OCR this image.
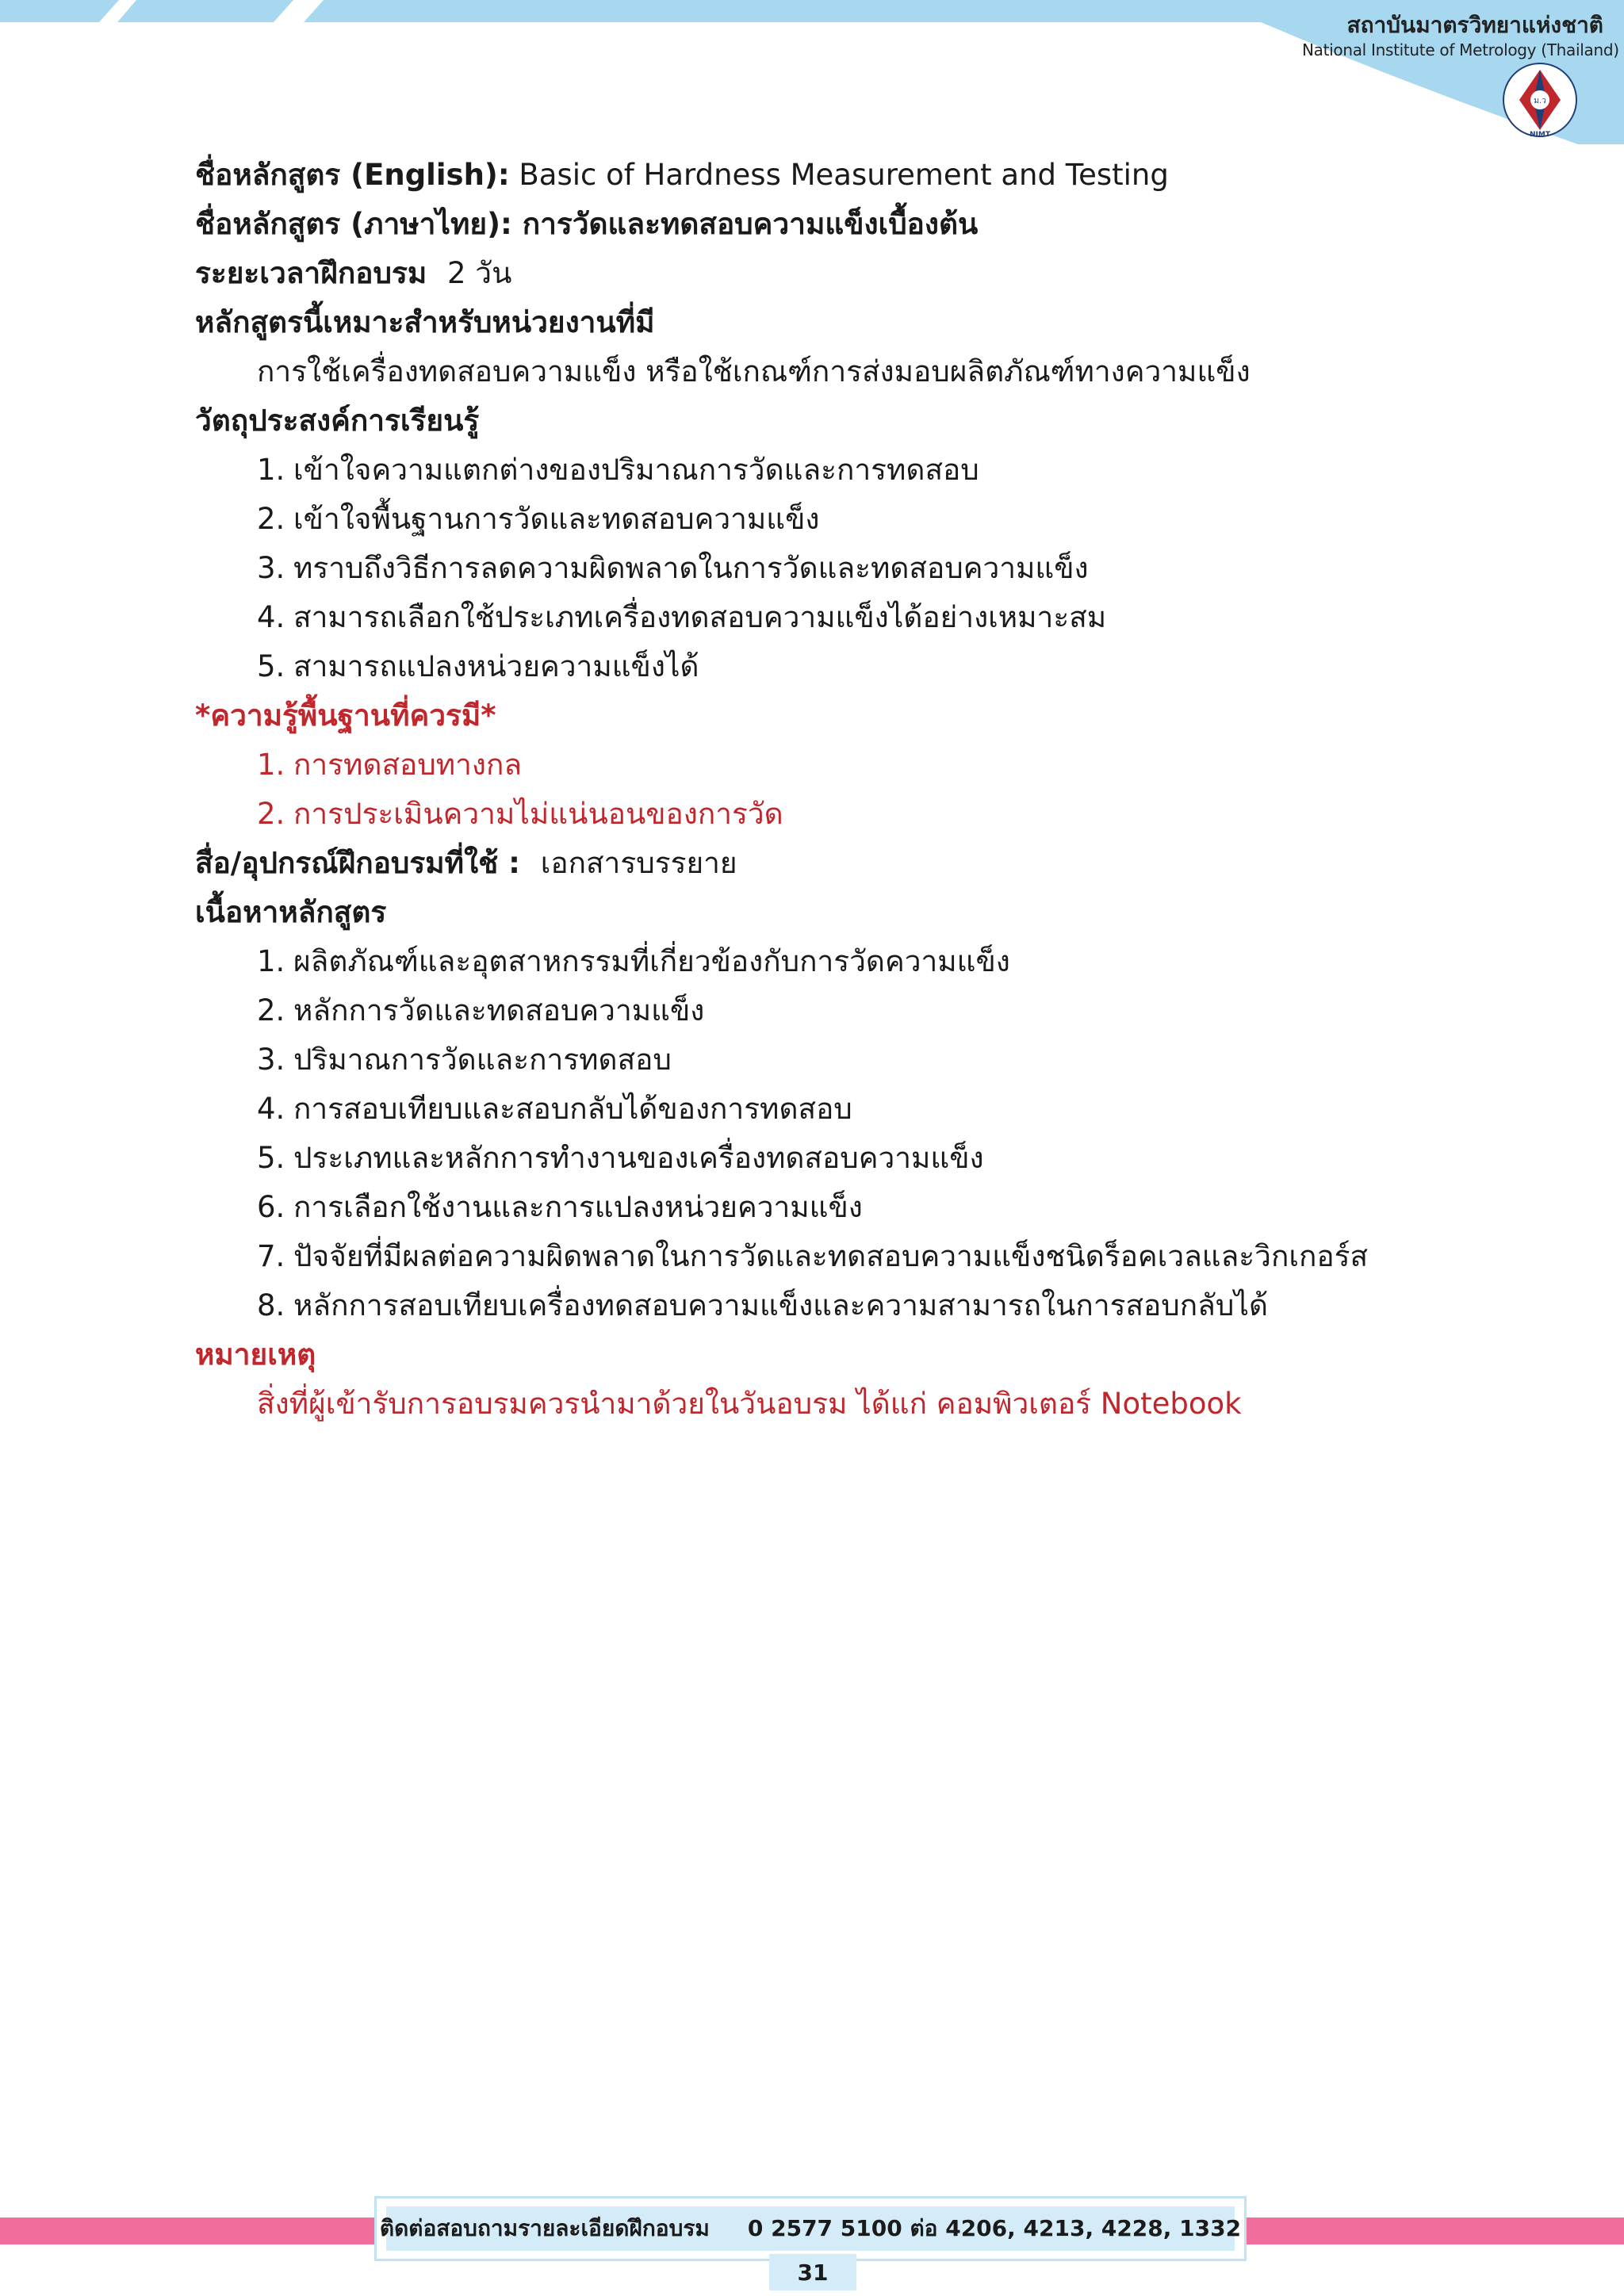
สถาบันมาตรวิทยาแห่งชาติ
National Institute of Metrology (Thailand)
ม.ว
NIMT
ชื่อหลักสูตร (English): Basic of Hardness Measurement and Testing
ชื่อหลักสูตร (ภาษาไทย): การวัดและทดสอบความแข็งเบื้องต้น
ระยะเวลาฝึกอบรม 2 วัน
หลักสูตรนี้เหมาะสำหรับหน่วยงานที่มี
การใช้เครื่องทดสอบความแข็ง หรือใช้เกณฑ์การส่งมอบผลิตภัณฑ์ทางความแข็ง
วัตถุประสงค์การเรียนรู้
1. เข้าใจความแตกต่างของปริมาณการวัดและการทดสอบ
2. เข้าใจพื้นฐานการวัดและทดสอบความแข็ง
3. ทราบถึงวิธีการลดความผิดพลาดในการวัดและทดสอบความแข็ง
4. สามารถเลือกใช้ประเภทเครื่องทดสอบความแข็งได้อย่างเหมาะสม
5. สามารถแปลงหน่วยความแข็งได้
*ความรู้พื้นฐานที่ควรมี*
1. การทดสอบทางกล
2. การประเมินความไม่แน่นอนของการวัด
สื่อ/อุปกรณ์ฝึกอบรมที่ใช้ : เอกสารบรรยาย
เนื้อหาหลักสูตร
1. ผลิตภัณฑ์และอุตสาหกรรมที่เกี่ยวข้องกับการวัดความแข็ง
2. หลักการวัดและทดสอบความแข็ง
3. ปริมาณการวัดและการทดสอบ
4. การสอบเทียบและสอบกลับได้ของการทดสอบ
5. ประเภทและหลักการทำงานของเครื่องทดสอบความแข็ง
6. การเลือกใช้งานและการแปลงหน่วยความแข็ง
7. ปัจจัยที่มีผลต่อความผิดพลาดในการวัดและทดสอบความแข็งชนิดร็อคเวลและวิกเกอร์ส
8. หลักการสอบเทียบเครื่องทดสอบความแข็งและความสามารถในการสอบกลับได้
หมายเหตุ
สิ่งที่ผู้เข้ารับการอบรมควรนำมาด้วยในวันอบรม ได้แก่ คอมพิวเตอร์ Notebook
ติดต่อสอบถามรายละเอียดฝึกอบรม 0 2577 5100 ต่อ 4206, 4213, 4228, 1332
31
